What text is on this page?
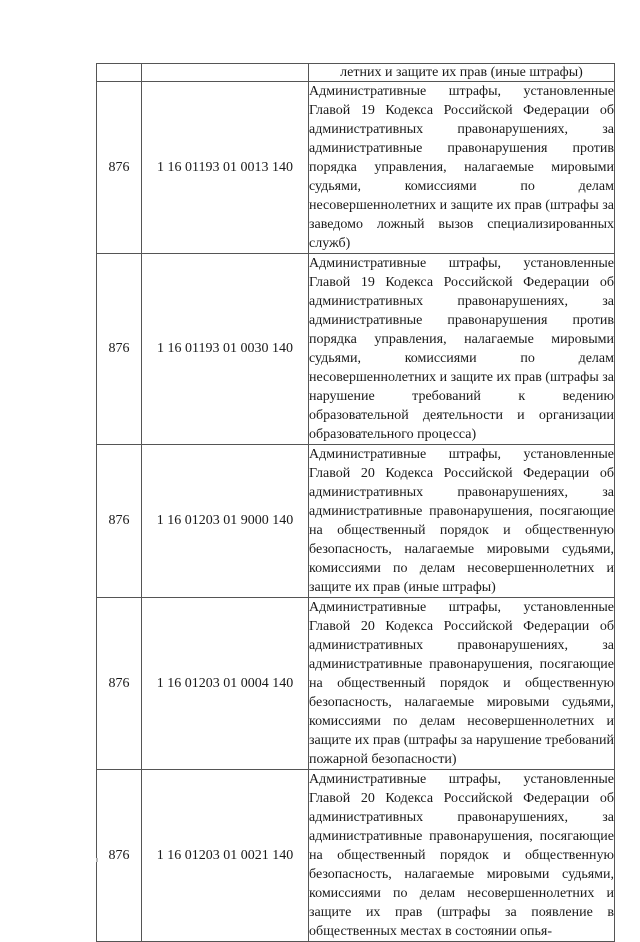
		летних и защите их прав (иные штрафы)
876	1 16 01193 01 0013 140	Административные штрафы, установленные Главой 19 Кодекса Российской Федерации об административных правонарушениях, за административные правонарушения против порядка управления, налагаемые мировыми судьями, комиссиями по делам несовершеннолетних и защите их прав (штрафы за заведомо ложный вызов специализированных служб)
876	1 16 01193 01 0030 140	Административные штрафы, установленные Главой 19 Кодекса Российской Федерации об административных правонарушениях, за административные правонарушения против порядка управления, налагаемые мировыми судьями, комиссиями по делам несовершеннолетних и защите их прав (штрафы за нарушение требований к ведению образовательной деятельности и организации образовательного процесса)
876	1 16 01203 01 9000 140	Административные штрафы, установленные Главой 20 Кодекса Российской Федерации об административных правонарушениях, за административные правонарушения, посягающие на общественный порядок и общественную безопасность, налагаемые мировыми судьями, комиссиями по делам несовершеннолетних и защите их прав (иные штрафы)
876	1 16 01203 01 0004 140	Административные штрафы, установленные Главой 20 Кодекса Российской Федерации об административных правонарушениях, за административные правонарушения, посягающие на общественный порядок и общественную безопасность, налагаемые мировыми судьями, комиссиями по делам несовершеннолетних и защите их прав (штрафы за нарушение требований пожарной безопасности)
876	1 16 01203 01 0021 140	Административные штрафы, установленные Главой 20 Кодекса Российской Федерации об административных правонарушениях, за административные правонарушения, посягающие на общественный порядок и общественную безопасность, налагаемые мировыми судьями, комиссиями по делам несовершеннолетних и защите их прав (штрафы за появление в общественных местах в состоянии опья-
